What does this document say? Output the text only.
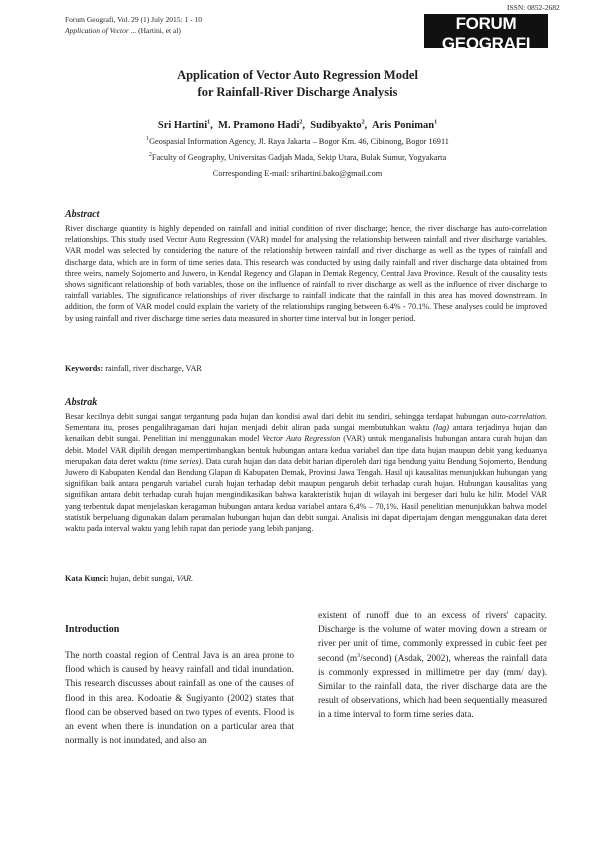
ISSN: 0852-2682
Forum Geografi, Vol. 29 (1) July 2015: 1 - 10
Application of Vector ... (Hartini, et al)	FORUM GEOGRAFI
Indonesian Journal of Spatial and Regional Analysis
Application of Vector Auto Regression Model
for Rainfall-River Discharge Analysis
Sri Hartini$^1$,  M. Pramono Hadi$^2$,  Sudibyakto$^2$,  Aris Poniman$^1$
$^1$Geospasial Information Agency, Jl. Raya Jakarta – Bogor Km. 46, Cibinong, Bogor 16911
$^2$Faculty of Geography, Universitas Gadjah Mada, Sekip Utara, Bulak Sumur, Yogyakarta
Corresponding E-mail: srihartini.bako@gmail.com
Abstract
River discharge quantity is highly depended on rainfall and initial condition of river discharge; hence, the river discharge has auto-correlation relationships. This study used Vector Auto Regression (VAR) model for analysing the relationship between rainfall and river discharge variables. VAR model was selected by considering the nature of the relationship between rainfall and river discharge as well as the types of rainfall and discharge data, which are in form of time series data. This research was conducted by using daily rainfall and river discharge data obtained from three weirs, namely Sojomerto and Juwero, in Kendal Regency and Glapan in Demak Regency, Central Java Province. Result of the causality tests shows significant relationship of both variables, those on the influence of rainfall to river discharge as well as the influence of river discharge to rainfall variables. The significance relationships of river discharge to rainfall indicate that the rainfall in this area has moved downstream. In addition, the form of VAR model could explain the variety of the relationships ranging between 6.4% - 70.1%. These analyses could be improved by using rainfall and river discharge time series data measured in shorter time interval but in longer period.
Keywords: rainfall, river discharge, VAR
Abstrak
Besar kecilnya debit sungai sangat tergantung pada hujan dan kondisi awal dari debit itu sendiri, sehingga terdapat hubungan auto-correlation. Sementara itu, proses pengalihragaman dari hujan menjadi debit aliran pada sungai membutuhkan waktu (lag) antara terjadinya hujan dan kenaikan debit sungai. Penelitian ini menggunakan model Vector Auto Regression (VAR) untuk menganalisis hubungan antara curah hujan dan debit. Model VAR dipilih dengan mempertimbangkan bentuk hubungan antara kedua variabel dan tipe data hujan maupun debit yang keduanya merupakan data deret waktu (time series). Data curah hujan dan data debit harian diperoleh dari tiga bendung yaitu Bendung Sojomerto, Bendung Juwero di Kabupaten Kendal dan Bendung Glapan di Kabupaten Demak, Provinsi Jawa Tengah. Hasil uji kausalitas menunjukkan hubungan yang signifikan baik antara pengaruh variabel curah hujan terhadap debit maupun pengaruh debit terhadap curah hujan. Hubungan kausalitas yang signifikan antara debit terhadap curah hujan mengindikasikan bahwa karakteristik hujan di wilayah ini bergeser dari hulu ke hilir. Model VAR yang terbentuk dapat menjelaskan keragaman hubungan antara kedua variabel antara 6,4% – 70,1%. Hasil penelitian menunjukkan bahwa model statistik berpeluang digunakan dalam peramalan hubungan hujan dan debit sungai. Analisis ini dapat dipertajam dengan menggunakan data deret waktu pada interval waktu yang lebih rapat dan periode yang lebih panjang.
Kata Kunci: hujan, debit sungai, VAR.
Introduction
The north coastal region of Central Java is an area prone to flood which is caused by heavy rainfall and tidal inundation. This research discusses about rainfall as one of the causes of flood in this area. Kodoatie & Sugiyanto (2002) states that flood can be observed based on two types of events. Flood is an event when there is inundation on a particular area that normally is not inundated, and also an
existent of runoff due to an excess of rivers' capacity. Discharge is the volume of water moving down a stream or river per unit of time, commonly expressed in cubic feet per second $(m^3/second)$ (Asdak, 2002), whereas the rainfall data is commonly expressed in millimetre per day (mm/ day). Similar to the rainfall data, the river discharge data are the result of observations, which had been sequentially measured in a time interval to form time series data.
